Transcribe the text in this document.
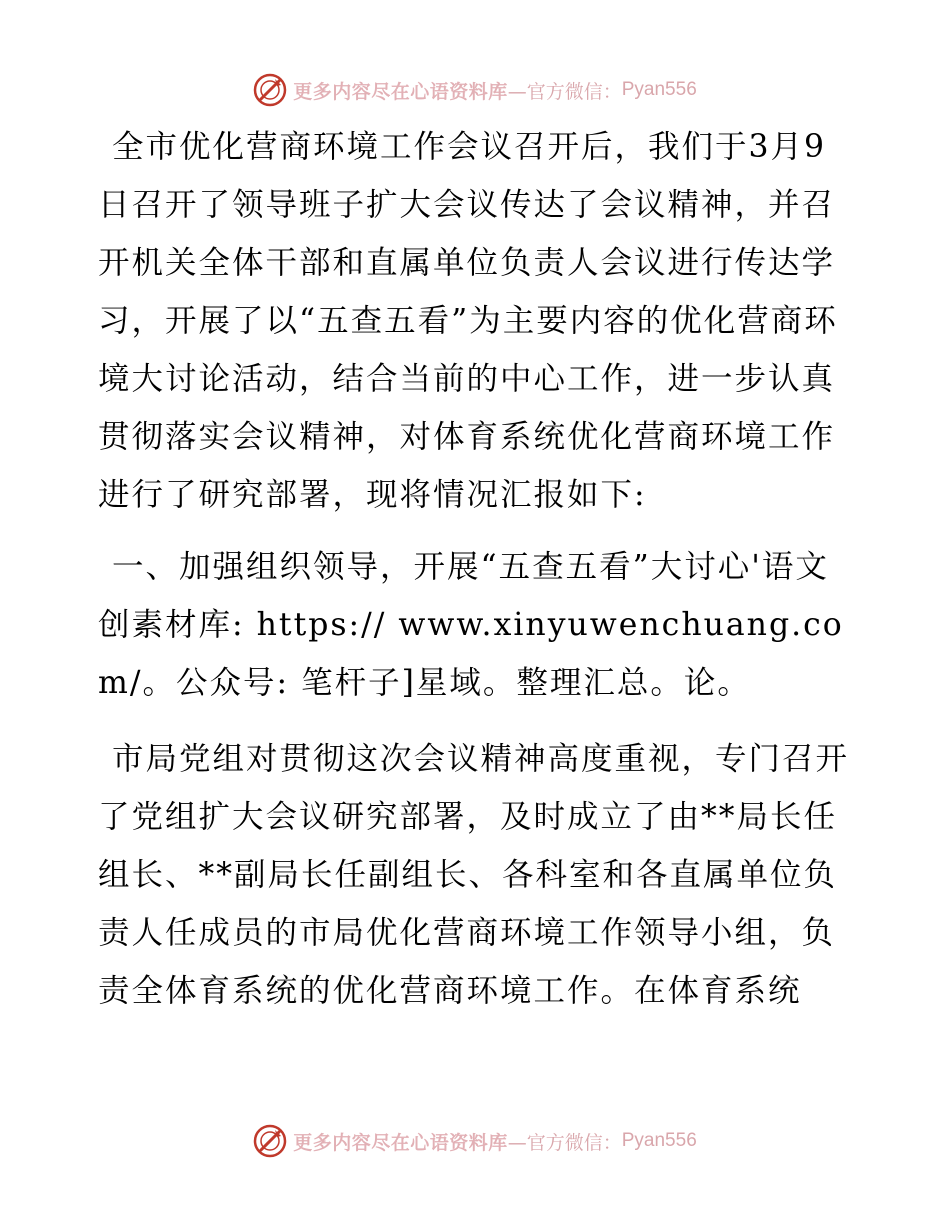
更多内容尽在心语资料库 —官方微信： Pyan556

全市优化营商环境工作会议召开后，我们于3月9日召开了领导班子扩大会议传达了会议精神，并召开机关全体干部和直属单位负责人会议进行传达学习，开展了以“五查五看”为主要内容的优化营商环境大讨论活动，结合当前的中心工作，进一步认真贯彻落实会议精神，对体育系统优化营商环境工作进行了研究部署，现将情况汇报如下:

一、加强组织领导，开展“五查五看”大讨心'语文创素材库: https:// www.xinyuwenchuang.com/。公众号: 笔杆子]星域。整理汇总。论。

市局党组对贯彻这次会议精神高度重视，专门召开了党组扩大会议研究部署，及时成立了由**局长任组长、**副局长任副组长、各科室和各直属单位负责人任成员的市局优化营商环境工作领导小组，负责全体育系统的优化营商环境工作。在体育系统

更多内容尽在心语资料库 —官方微信： Pyan556
